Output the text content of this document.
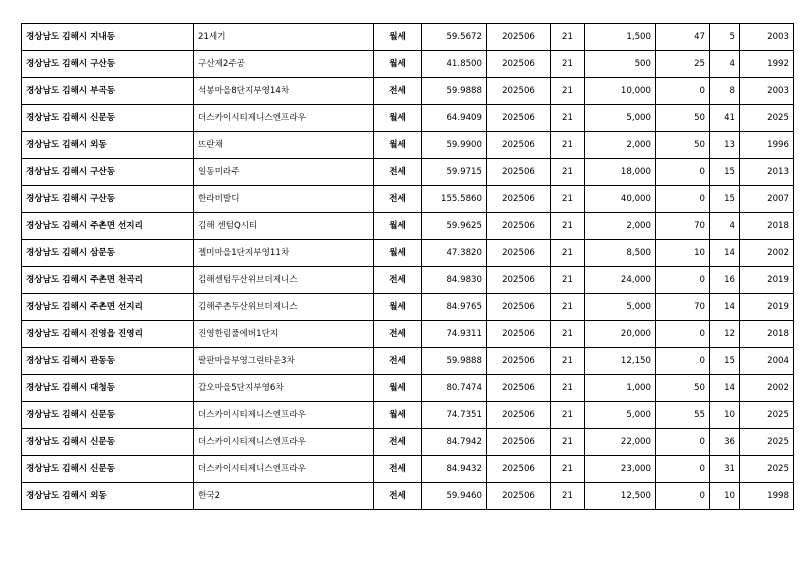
경상남도 김해시 지내동	21세기	월세	59.5672	202506	21	1,500	47	5	2003
경상남도 김해시 구산동	구산제2주공	월세	41.8500	202506	21	500	25	4	1992
경상남도 김해시 부곡동	석봉마을8단지부영14차	전세	59.9888	202506	21	10,000	0	8	2003
경상남도 김해시 신문동	더스카이시티제니스엔프라우	월세	64.9409	202506	21	5,000	50	41	2025
경상남도 김해시 외동	뜨란채	월세	59.9900	202506	21	2,000	50	13	1996
경상남도 김해시 구산동	일동미라주	전세	59.9715	202506	21	18,000	0	15	2013
경상남도 김해시 구산동	한라비발디	전세	155.5860	202506	21	40,000	0	15	2007
경상남도 김해시 주촌면 선지리	김해 센텀Q시티	월세	59.9625	202506	21	2,000	70	4	2018
경상남도 김해시 삼문동	젤미마을1단지부영11차	월세	47.3820	202506	21	8,500	10	14	2002
경상남도 김해시 주촌면 천곡리	김해센텀두산위브더제니스	전세	84.9830	202506	21	24,000	0	16	2019
경상남도 김해시 주촌면 선지리	김해주촌두산위브더제니스	월세	84.9765	202506	21	5,000	70	14	2019
경상남도 김해시 진영읍 진영리	진영한림풀에버1단지	전세	74.9311	202506	21	20,000	0	12	2018
경상남도 김해시 관동동	팔판마을부영그린타운3차	전세	59.9888	202506	21	12,150	0	15	2004
경상남도 김해시 대청동	갑오마을5단지부영6차	월세	80.7474	202506	21	1,000	50	14	2002
경상남도 김해시 신문동	더스카이시티제니스엔프라우	월세	74.7351	202506	21	5,000	55	10	2025
경상남도 김해시 신문동	더스카이시티제니스엔프라우	전세	84.7942	202506	21	22,000	0	36	2025
경상남도 김해시 신문동	더스카이시티제니스엔프라우	전세	84.9432	202506	21	23,000	0	31	2025
경상남도 김해시 외동	한국2	전세	59.9460	202506	21	12,500	0	10	1998
